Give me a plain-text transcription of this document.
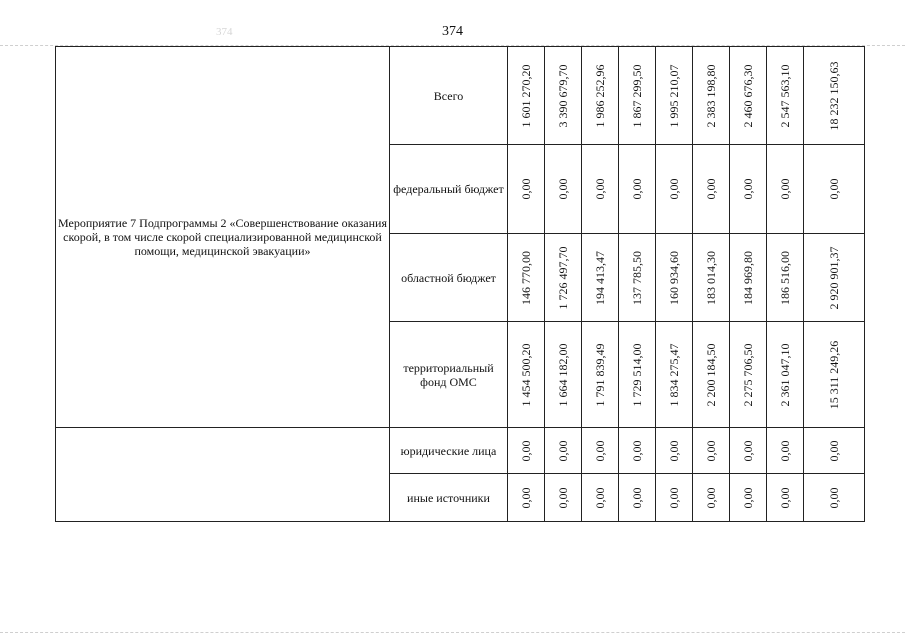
374	374
Мероприятие 7 Подпрограммы 2 «Совершенствование оказания скорой, в том числе скорой специализированной медицинской помощи, медицинской эвакуации»	Всего	1 601 270,20	3 390 679,70	1 986 252,96	1 867 299,50	1 995 210,07	2 383 198,80	2 460 676,30	2 547 563,10	18 232 150,63

	федеральный бюджет	0,00	0,00	0,00	0,00	0,00	0,00	0,00	0,00	0,00

	областной бюджет	146 770,00	1 726 497,70	194 413,47	137 785,50	160 934,60	183 014,30	184 969,80	186 516,00	2 920 901,37

	территориальный фонд ОМС	1 454 500,20	1 664 182,00	1 791 839,49	1 729 514,00	1 834 275,47	2 200 184,50	2 275 706,50	2 361 047,10	15 311 249,26

	юридические лица	0,00	0,00	0,00	0,00	0,00	0,00	0,00	0,00	0,00

	иные источники	0,00	0,00	0,00	0,00	0,00	0,00	0,00	0,00	0,00
